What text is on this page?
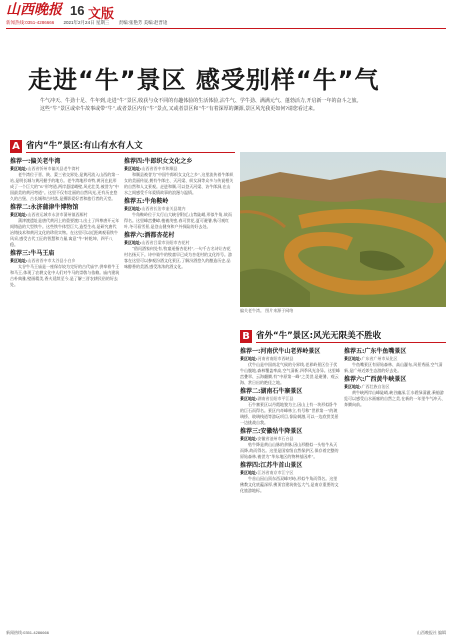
山西晚报 16 文版
新闻热线:0351-4286666 2021年2月24日 星期三 责编:张艳芳 美编:赵晋逵
走进“牛”景区 感受别样“牛”气

牛气冲天、牛劲十足、牛年到,走进“牛”景区,收获与众不同的有趣体验的生活体验,沾牛气、学牛劲、满满元气、蓬勃活力,开启新一年的奋斗之旅。

这些“牛”景区或牵牛故事或带“牛”,或者景区内有“牛”景点,又或者景区和“牛”有着深厚的渊源,景区风光我更如何?请您看过来。

A 省内“牛”景区:有山有水有人文
推荐一:偏关老牛湾
景区地址:山西省忻州市偏关县老牛湾村
老牛湾位于晋、陕、蒙三省交界处,是黄河流入山西的第一站,是明长城与黄河握手的地方。老牛湾地形奇特,黄河在此形成了一个巨大的“S”形弯道,两岸悬崖峭壁,风光壮美,被誉为“中国最美的黄河弯道”。这里不仅有壮丽的自然风光,还有历史悠久的古堡、古长城和古村落,是摄影爱好者和旅行者的天堂。
推荐二:永济蒲津牛博物馆
景区地址:山西省运城市永济市蒲州镇西厢村
蒲津渡遗址是唐代黄河上的重要渡口,出土了四尊唐开元年间铸造的大型铁牛。这些铁牛体型巨大,造型生动,是研究唐代冶铸技术和黄河文化的珍贵实物。在这里可以近距离观看铁牛风采,感受古代工匠的智慧和力量,寓意“牛”转乾坤、四平八稳。
推荐三:牛马王庙
景区地址:山西省晋中市太谷县小白乡
太谷牛马王庙是一座保存较为完好的古代庙宇,供奉着牛王和马王,体现了农耕文化中人们对牛马的崇敬与依赖。庙内建筑古朴典雅,壁画精美,香火延续至今,是了解三晋农耕民俗的好去处。
推荐四:牛郎织女文化之乡
景区地址:山西省晋中市和顺县
和顺县被誉为“中国牛郎织女文化之乡”,这里流传着牛郎织女的美丽传说,拥有牛郎庄、天河梁、织女洞等众多与传说相关的自然和人文景观。走进和顺,可以登天河梁、访牛郎洞,在山水之间感受千年爱情故事的浪漫与温情。
推荐五:牛角鞍岭
景区地址:山西省长治市壶关县境内
牛角鞍岭位于太行山大峡谷附近,山势陡峭,形似牛角,故而得名。这里峰峦叠嶂,植被茂密,春可赏花,夏可避暑,秋可观红叶,冬可看雪景,是登山健身和户外探险的好去处。
推荐六:酒都杏花村
景区地址:山西省吕梁市汾阳市杏花村
“借问酒家何处有,牧童遥指杏花村”,一句千古名诗让杏花村名扬天下。诗中骑牛的牧童早已成为杏花村的文化符号。游客在这里可以参观汾酒文化景区,了解汾酒悠久的酿造历史,品味醇香的美酒,感受浓浓的酒文化。
偏关老牛湾。 图片来源于网络
B 省外“牛”景区:风光无限美不胜收
推荐一:河南伏牛山老界岭景区
景区地址:河南省南阳市西峡县
伏牛山是中国南北气候的分界线,老界岭景区位于伏牛山腹地,森林覆盖率高,空气清新,四季风光各异。这里峰峦叠翠、云海翻腾,有“中原第一峰”之美誉,是避暑、观云海、赏日出的绝佳之地。
推荐二:湖南石牛寨景区
景区地址:湖南省岳阳市平江县
石牛寨景区以丹霞地貌为主,因山上有一块形似卧牛的巨石而得名。景区内奇峰林立,有号称“世界第一”的玻璃桥、玻璃栈道等游玩项目,惊险刺激,可以一边欣赏美景一边挑战自我。
推荐三:安徽牯牛降景区
景区地址:安徽省池州市石台县
牯牛降是黄山山脉的余脉,因山形酷似一头牯牛从天而降,故而得名。这里是国家级自然保护区,保存着完整的原始森林,被誉为“华东地区的物种基因库”。
推荐四:江苏牛首山景区
景区地址:江苏省南京市江宁区
牛首山因山顶东西双峰对峙,形似牛角而得名。这里佛教文化底蕴深厚,佛顶宫建筑恢弘大气,是南京重要的文化旅游地标。
推荐五:广东牛鱼嘴景区
景区地址:广东省广州市从化区
牛鱼嘴景区有原始森林、高山瀑布,风景秀丽,空气清新,是广州近郊生态游的好去处。
推荐六:广西黄牛峡景区
景区地址:广西壮族自治区
黄牛峡两岸山峰陡峭,峡谷幽深,江水碧绿清澈,乘船游览可以感受山水画廊的自然之美,在新的一年里牛气冲天、奔腾向前。
新闻热线:0351-4286666	山西晚报社 编辑
